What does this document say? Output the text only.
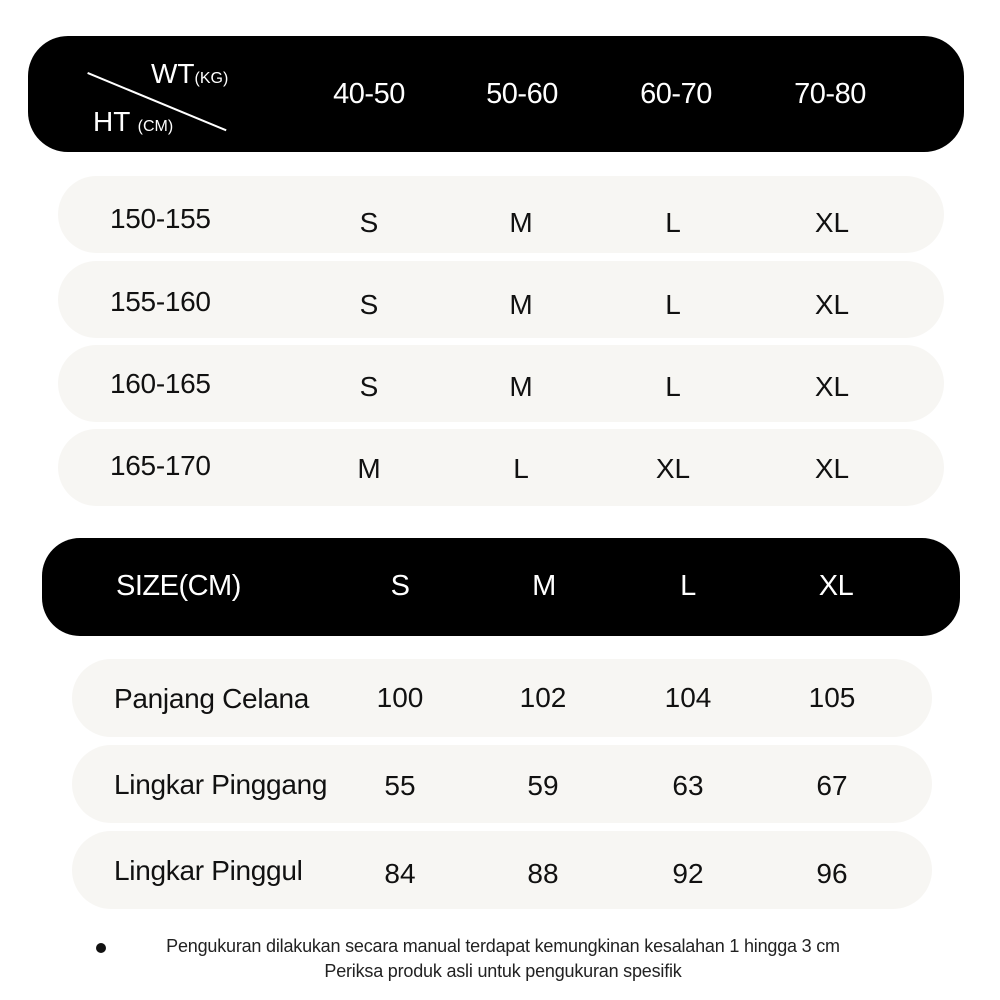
WT(KG)
HT (CM)
40-50	50-60	60-70	70-80
150-155	S	M	L	XL
155-160	S	M	L	XL
160-165	S	M	L	XL
165-170	M	L	XL	XL
SIZE(CM)	S	M	L	XL
Panjang Celana 100	102	104	105
Lingkar Pinggang 55	59	63	67
Lingkar Pinggul	84	88	92	96
Pengukuran dilakukan secara manual terdapat kemungkinan kesalahan 1 hingga 3 cm
Periksa produk asli untuk pengukuran spesifik
